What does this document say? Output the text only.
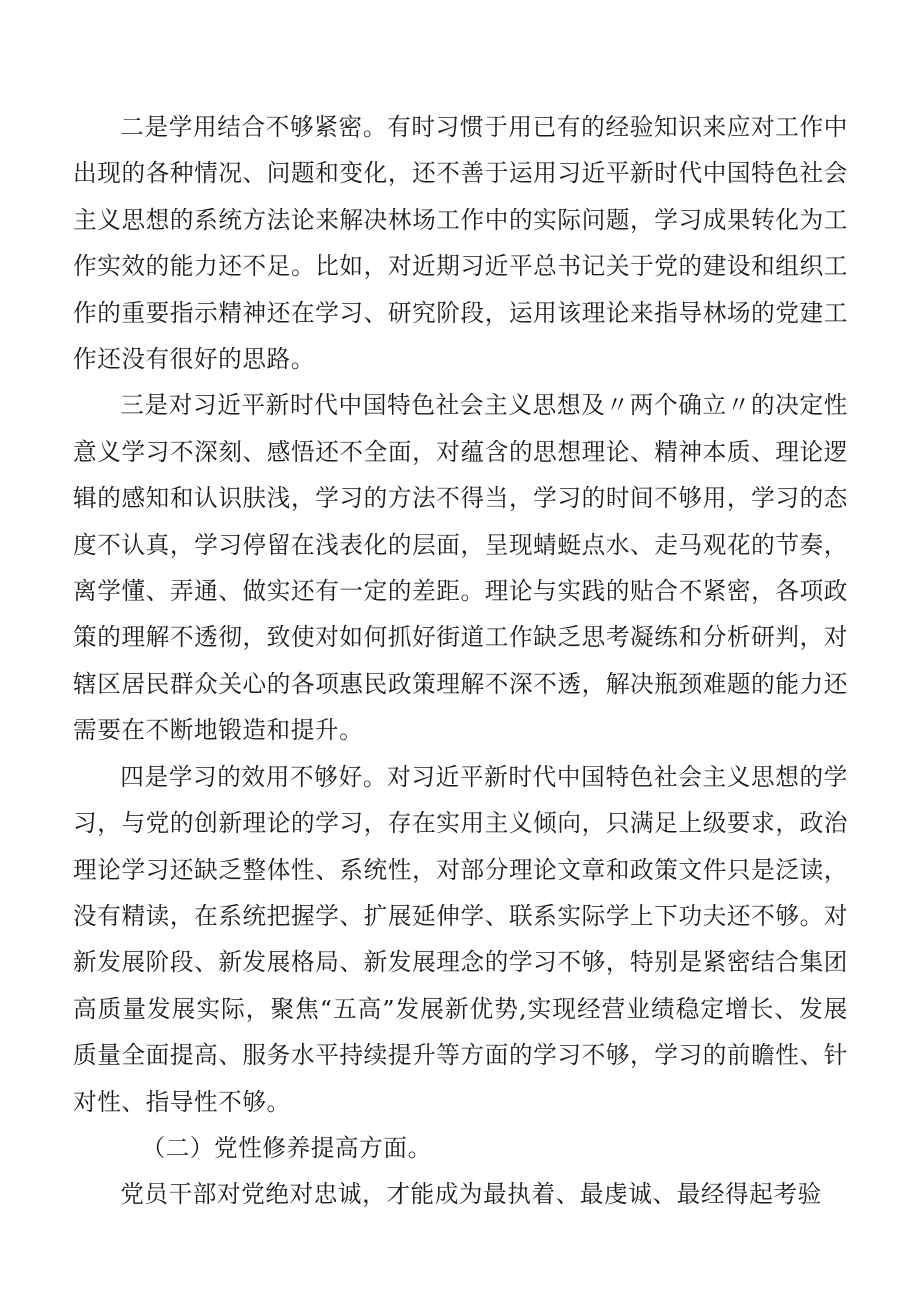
二是学用结合不够紧密。有时习惯于用已有的经验知识来应对工作中出现的各种情况、问题和变化，还不善于运用习近平新时代中国特色社会主义思想的系统方法论来解决林场工作中的实际问题，学习成果转化为工作实效的能力还不足。比如，对近期习近平总书记关于党的建设和组织工作的重要指示精神还在学习、研究阶段，运用该理论来指导林场的党建工作还没有很好的思路。

三是对习近平新时代中国特色社会主义思想及〃两个确立〃的决定性意义学习不深刻、感悟还不全面，对蕴含的思想理论、精神本质、理论逻辑的感知和认识肤浅，学习的方法不得当，学习的时间不够用，学习的态度不认真，学习停留在浅表化的层面，呈现蜻蜓点水、走马观花的节奏，离学懂、弄通、做实还有一定的差距。理论与实践的贴合不紧密，各项政策的理解不透彻，致使对如何抓好街道工作缺乏思考凝练和分析研判，对辖区居民群众关心的各项惠民政策理解不深不透，解决瓶颈难题的能力还需要在不断地锻造和提升。

四是学习的效用不够好。对习近平新时代中国特色社会主义思想的学习，与党的创新理论的学习，存在实用主义倾向，只满足上级要求，政治理论学习还缺乏整体性、系统性，对部分理论文章和政策文件只是泛读，没有精读，在系统把握学、扩展延伸学、联系实际学上下功夫还不够。对新发展阶段、新发展格局、新发展理念的学习不够，特别是紧密结合集团高质量发展实际，聚焦“五高”发展新优势,实现经营业绩稳定增长、发展质量全面提高、服务水平持续提升等方面的学习不够，学习的前瞻性、针对性、指导性不够。

（二）党性修养提高方面。

党员干部对党绝对忠诚，才能成为最执着、最虔诚、最经得起考验
